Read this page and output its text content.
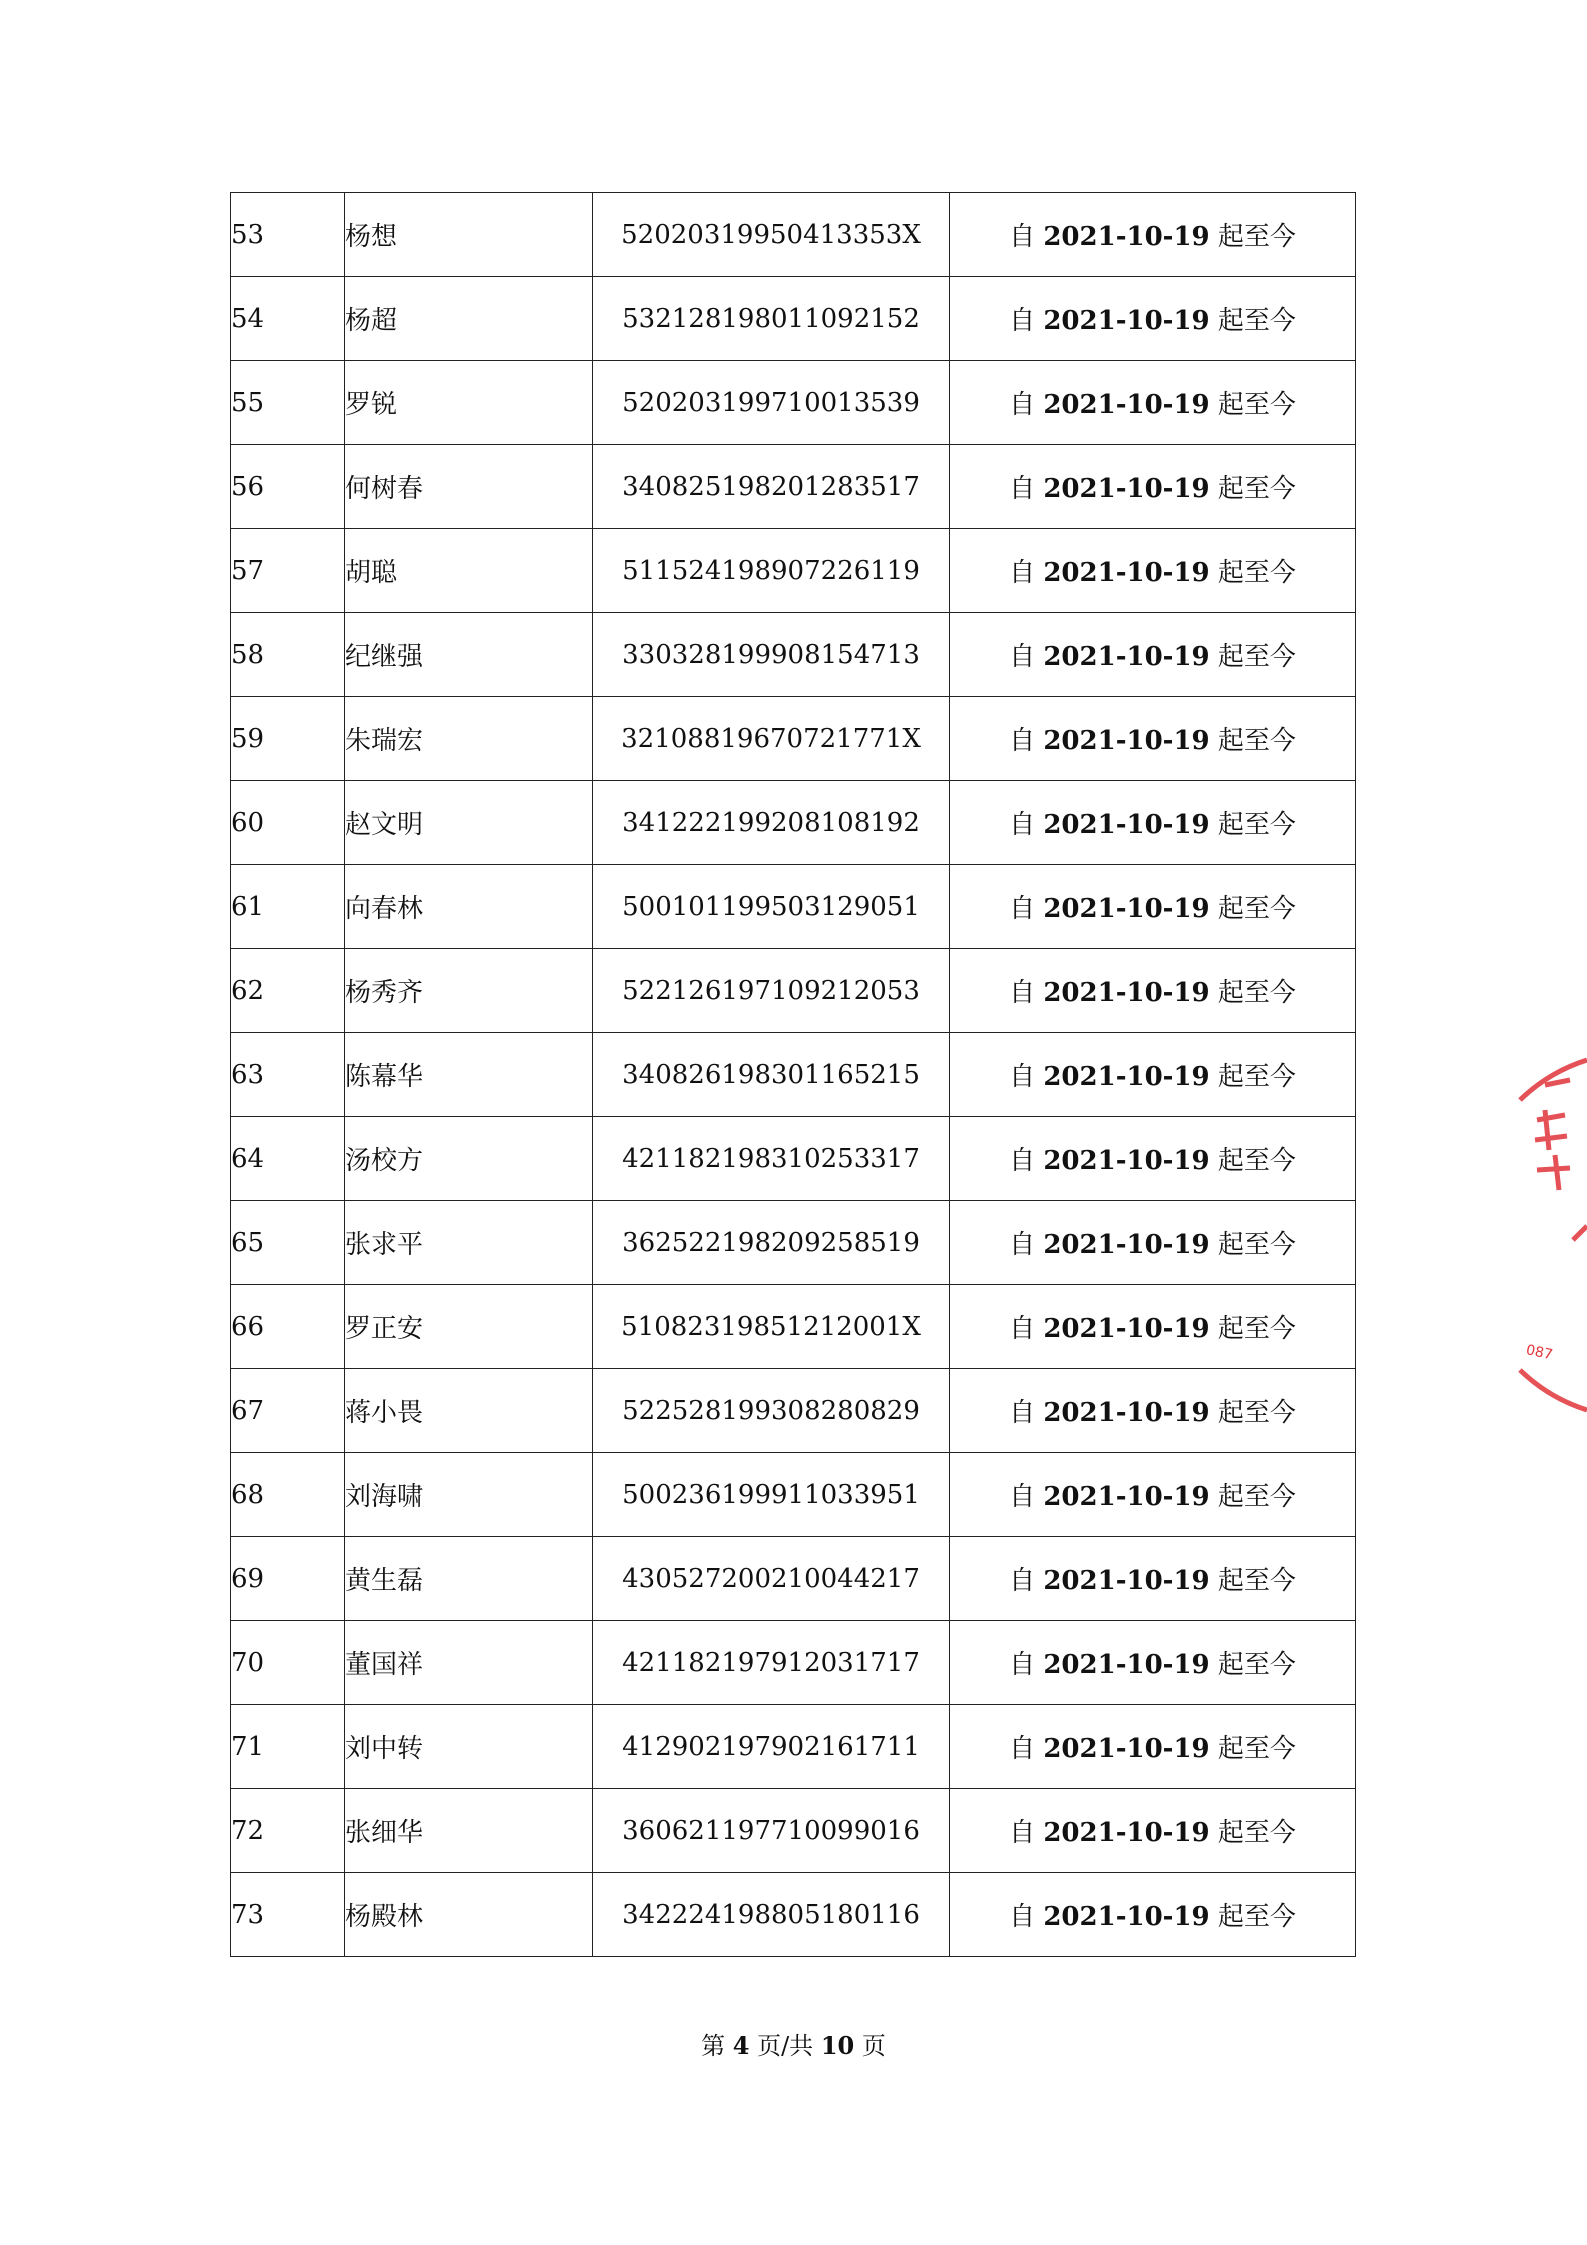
53	杨想	52020319950413353X	自 2021-10-19 起至今
54	杨超	532128198011092152	自 2021-10-19 起至今
55	罗锐	520203199710013539	自 2021-10-19 起至今
56	何树春	340825198201283517	自 2021-10-19 起至今
57	胡聪	511524198907226119	自 2021-10-19 起至今
58	纪继强	330328199908154713	自 2021-10-19 起至今
59	朱瑞宏	32108819670721771X	自 2021-10-19 起至今
60	赵文明	341222199208108192	自 2021-10-19 起至今
61	向春林	500101199503129051	自 2021-10-19 起至今
62	杨秀齐	522126197109212053	自 2021-10-19 起至今
63	陈幕华	340826198301165215	自 2021-10-19 起至今
64	汤校方	421182198310253317	自 2021-10-19 起至今
65	张求平	362522198209258519	自 2021-10-19 起至今
66	罗正安	51082319851212001X	自 2021-10-19 起至今
67	蒋小畏	522528199308280829	自 2021-10-19 起至今
68	刘海啸	500236199911033951	自 2021-10-19 起至今
69	黄生磊	430527200210044217	自 2021-10-19 起至今
70	董国祥	421182197912031717	自 2021-10-19 起至今
71	刘中转	412902197902161711	自 2021-10-19 起至今
72	张细华	360621197710099016	自 2021-10-19 起至今
73	杨殿林	342224198805180116	自 2021-10-19 起至今
第 4 页/共 10 页
087
